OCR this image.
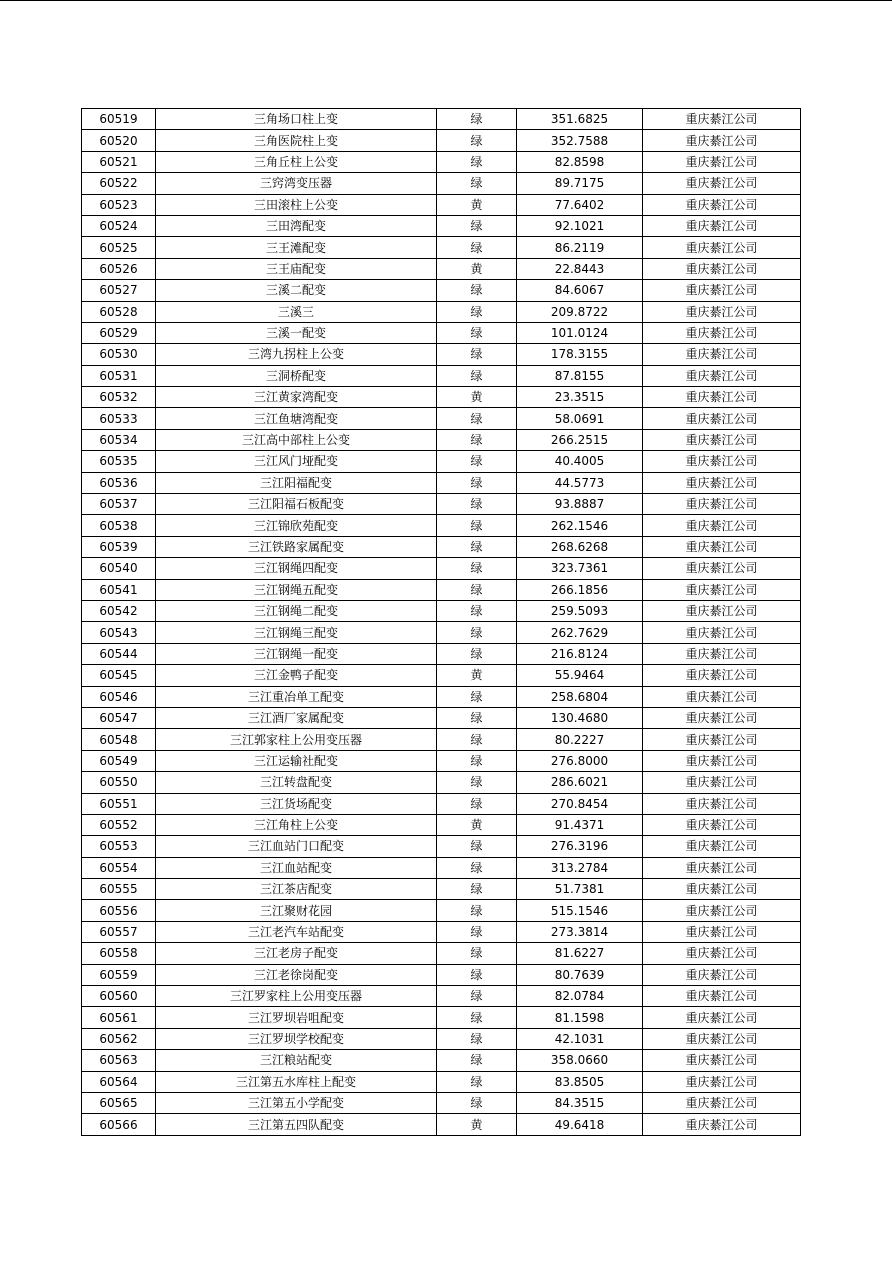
60519	三角场口柱上变	绿	351.6825	重庆綦江公司
60520	三角医院柱上变	绿	352.7588	重庆綦江公司
60521	三角丘柱上公变	绿	82.8598	重庆綦江公司
60522	三窍湾变压器	绿	89.7175	重庆綦江公司
60523	三田滚柱上公变	黄	77.6402	重庆綦江公司
60524	三田湾配变	绿	92.1021	重庆綦江公司
60525	三王滩配变	绿	86.2119	重庆綦江公司
60526	三王庙配变	黄	22.8443	重庆綦江公司
60527	三溪二配变	绿	84.6067	重庆綦江公司
60528	三溪三	绿	209.8722	重庆綦江公司
60529	三溪一配变	绿	101.0124	重庆綦江公司
60530	三湾九拐柱上公变	绿	178.3155	重庆綦江公司
60531	三洞桥配变	绿	87.8155	重庆綦江公司
60532	三江黄家湾配变	黄	23.3515	重庆綦江公司
60533	三江鱼塘湾配变	绿	58.0691	重庆綦江公司
60534	三江高中部柱上公变	绿	266.2515	重庆綦江公司
60535	三江风门垭配变	绿	40.4005	重庆綦江公司
60536	三江阳福配变	绿	44.5773	重庆綦江公司
60537	三江阳福石板配变	绿	93.8887	重庆綦江公司
60538	三江锦欣苑配变	绿	262.1546	重庆綦江公司
60539	三江铁路家属配变	绿	268.6268	重庆綦江公司
60540	三江钢绳四配变	绿	323.7361	重庆綦江公司
60541	三江钢绳五配变	绿	266.1856	重庆綦江公司
60542	三江钢绳二配变	绿	259.5093	重庆綦江公司
60543	三江钢绳三配变	绿	262.7629	重庆綦江公司
60544	三江钢绳一配变	绿	216.8124	重庆綦江公司
60545	三江金鸭子配变	黄	55.9464	重庆綦江公司
60546	三江重冶单工配变	绿	258.6804	重庆綦江公司
60547	三江酒厂家属配变	绿	130.4680	重庆綦江公司
60548	三江郭家柱上公用变压器	绿	80.2227	重庆綦江公司
60549	三江运输社配变	绿	276.8000	重庆綦江公司
60550	三江转盘配变	绿	286.6021	重庆綦江公司
60551	三江货场配变	绿	270.8454	重庆綦江公司
60552	三江角柱上公变	黄	91.4371	重庆綦江公司
60553	三江血站门口配变	绿	276.3196	重庆綦江公司
60554	三江血站配变	绿	313.2784	重庆綦江公司
60555	三江茶店配变	绿	51.7381	重庆綦江公司
60556	三江聚财花园	绿	515.1546	重庆綦江公司
60557	三江老汽车站配变	绿	273.3814	重庆綦江公司
60558	三江老房子配变	绿	81.6227	重庆綦江公司
60559	三江老徐岗配变	绿	80.7639	重庆綦江公司
60560	三江罗家柱上公用变压器	绿	82.0784	重庆綦江公司
60561	三江罗坝岩咀配变	绿	81.1598	重庆綦江公司
60562	三江罗坝学校配变	绿	42.1031	重庆綦江公司
60563	三江粮站配变	绿	358.0660	重庆綦江公司
60564	三江第五水库柱上配变	绿	83.8505	重庆綦江公司
60565	三江第五小学配变	绿	84.3515	重庆綦江公司
60566	三江第五四队配变	黄	49.6418	重庆綦江公司
